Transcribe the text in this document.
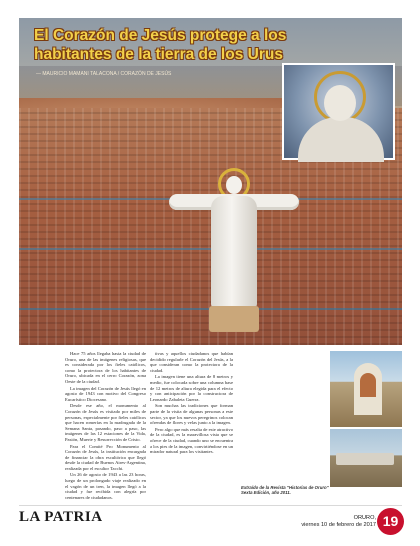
El Corazón de Jesús protege a los habitantes de la tierra de los Urus
— MAURICIO MAMANI TALACONA / CORAZÓN DE JESÚS

Hace 75 años llegaba hasta la ciudad de Oruro, una de las imágenes religiosas, que es considerada por los fieles católicos, como la protectora de los habitantes de Oruro, ubicada en el cerro Corazón, zona Oeste de la ciudad.

La imagen del Corazón de Jesús llegó en agosto de 1943 con motivo del Congreso Eucarístico Diocesano.

Desde ese año, el monumento al Corazón de Jesús es visitado por miles de personas, especialmente por fieles católicos que hacen romerías en la madrugada de la Semana Santa, pasando, paso a paso, las imágenes de las 12 estaciones de la Vida, Pasión, Muerte y Resurrección de Cristo.

Para el Comité Pro Monumento al Corazón de Jesús, la institución encargada de financiar la obra escultórica que llegó desde la ciudad de Buenos Aires-Argentina, realizada por el escultor Tacchi.

Un 26 de agosto de 1943 a las 23 horas, luego de un prolongado viaje realizado en el vagón de un tren, la imagen llegó a la ciudad y fue recibida con alegría por centenares de ciudadanos.

tivas y aquellos ciudadanos que habían decidido regularle el Corazón del Jesús, a la que consideran como la protectora de la ciudad.

La imagen tiene una altura de 8 metros y medio, fue colocada sobre una columna base de 12 metros de altura elegida para el efecto y con anticipación por la constructora de Leonardo Zabaleta Guerra.

Son muchas las tradiciones que forman parte de la visita de algunas personas a este sector, ya que los nuevos peregrinos colocan ofrendas de flores y velas junto a la imagen.

Pero algo que más resalta de este atractivo de la ciudad, es la maravillosa vista que se ofrece de la ciudad, cuando uno se encuentra a los pies de la imagen, convirtiéndose en un mirador natural para los visitantes.

Extraído de la Revista "Historias de Oruro" Sexta Edición, año 2011.
LA PATRIA	ORURO,
viernes 10 de febrero de 2017 19
